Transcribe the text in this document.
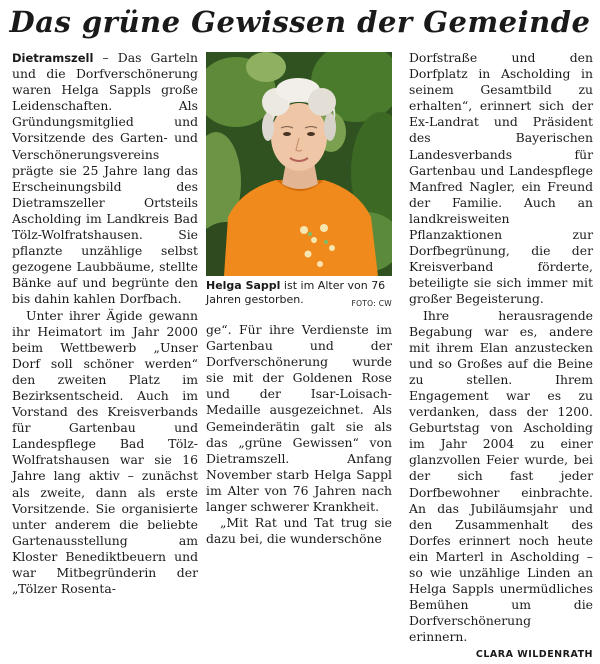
Das grüne Gewissen der Gemeinde

Dietramszell – Das Garteln und die Dorfverschönerung waren Helga Sappls große Leidenschaften. Als Gründungsmitglied und Vorsitzende des Garten- und Verschönerungsvereins prägte sie 25 Jahre lang das Erscheinungsbild des Dietramszeller Ortsteils Ascholding im Landkreis Bad Tölz-Wolfratshausen. Sie pflanzte unzählige selbst gezogene Laubbäume, stellte Bänke auf und begrünte den bis dahin kahlen Dorfbach.

Unter ihrer Ägide gewann ihr Heimatort im Jahr 2000 beim Wettbewerb „Unser Dorf soll schöner werden“ den zweiten Platz im Bezirksentscheid. Auch im Vorstand des Kreisverbands für Gartenbau und Landespflege Bad Tölz-Wolfratshausen war sie 16 Jahre lang aktiv – zunächst als zweite, dann als erste Vorsitzende. Sie organisierte unter anderem die beliebte Gartenausstellung am Kloster Benediktbeuern und war Mitbegründerin der „Tölzer Rosenta-

Helga Sappl ist im Alter von 76 Jahren gestorben.	FOTO: CW

ge“. Für ihre Verdienste im Gartenbau und der Dorfverschönerung wurde sie mit der Goldenen Rose und der Isar-Loisach-Medaille ausgezeichnet. Als Gemeinderätin galt sie als das „grüne Gewissen“ von Dietramszell. Anfang November starb Helga Sappl im Alter von 76 Jahren nach langer schwerer Krankheit.

„Mit Rat und Tat trug sie dazu bei, die wunderschöne

Dorfstraße und den Dorfplatz in Ascholding in seinem Gesamtbild zu erhalten“, erinnert sich der Ex-Landrat und Präsident des Bayerischen Landesverbands für Gartenbau und Landespflege Manfred Nagler, ein Freund der Familie. Auch an landkreisweiten Pflanzaktionen zur Dorfbegrünung, die der Kreisverband förderte, beteiligte sie sich immer mit großer Begeisterung.

Ihre herausragende Begabung war es, andere mit ihrem Elan anzustecken und so Großes auf die Beine zu stellen. Ihrem Engagement war es zu verdanken, dass der 1200. Geburtstag von Ascholding im Jahr 2004 zu einer glanzvollen Feier wurde, bei der sich fast jeder Dorfbewohner einbrachte. An das Jubiläumsjahr und den Zusammenhalt des Dorfes erinnert noch heute ein Marterl in Ascholding – so wie unzählige Linden an Helga Sappls unermüdliches Bemühen um die Dorfverschönerung erinnern.
CLARA WILDENRATH
